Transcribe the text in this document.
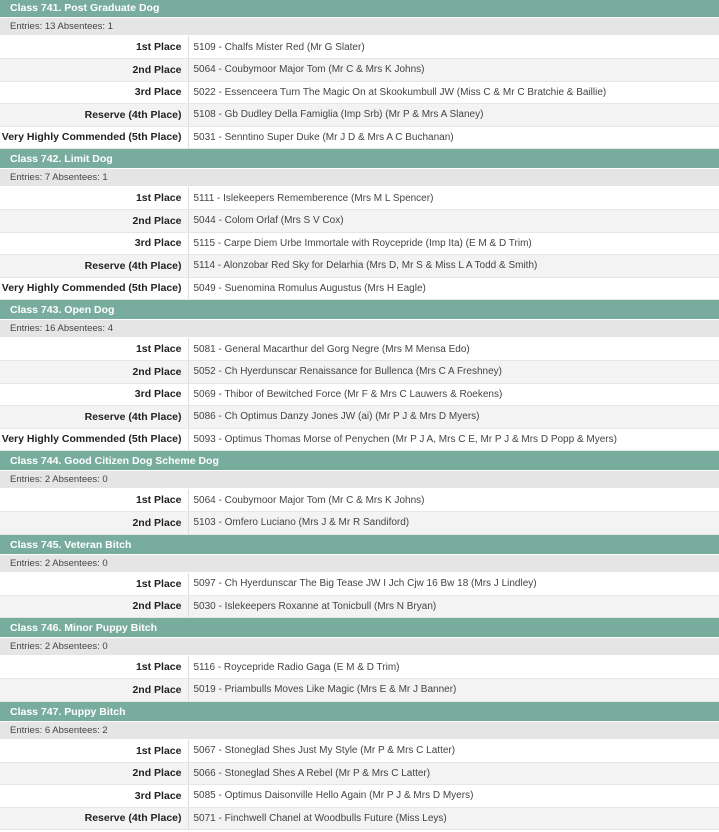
Class 741. Post Graduate Dog
Entries: 13 Absentees: 1
1st Place	5109 - Chalfs Mister Red (Mr G Slater)
2nd Place	5064 - Coubymoor Major Tom (Mr C & Mrs K Johns)
3rd Place	5022 - Essenceera Turn The Magic On at Skookumbull JW (Miss C & Mr C Bratchie & Baillie)
Reserve (4th Place)	5108 - Gb Dudley Della Famiglia (Imp Srb) (Mr P & Mrs A Slaney)
Very Highly Commended (5th Place)	5031 - Senntino Super Duke (Mr J D & Mrs A C Buchanan)
Class 742. Limit Dog
Entries: 7 Absentees: 1
1st Place	5111 - Islekeepers Rememberence (Mrs M L Spencer)
2nd Place	5044 - Colom Orlaf (Mrs S V Cox)
3rd Place	5115 - Carpe Diem Urbe Immortale with Roycepride (Imp Ita) (E M & D Trim)
Reserve (4th Place)	5114 - Alonzobar Red Sky for Delarhia (Mrs D, Mr S & Miss L A Todd & Smith)
Very Highly Commended (5th Place)	5049 - Suenomina Romulus Augustus (Mrs H Eagle)
Class 743. Open Dog
Entries: 16 Absentees: 4
1st Place	5081 - General Macarthur del Gorg Negre (Mrs M Mensa Edo)
2nd Place	5052 - Ch Hyerdunscar Renaissance for Bullenca (Mrs C A Freshney)
3rd Place	5069 - Thibor of Bewitched Force (Mr F & Mrs C Lauwers & Roekens)
Reserve (4th Place)	5086 - Ch Optimus Danzy Jones JW (ai) (Mr P J & Mrs D Myers)
Very Highly Commended (5th Place)	5093 - Optimus Thomas Morse of Penychen (Mr P J A, Mrs C E, Mr P J & Mrs D Popp & Myers)
Class 744. Good Citizen Dog Scheme Dog
Entries: 2 Absentees: 0
1st Place	5064 - Coubymoor Major Tom (Mr C & Mrs K Johns)
2nd Place	5103 - Omfero Luciano (Mrs J & Mr R Sandiford)
Class 745. Veteran Bitch
Entries: 2 Absentees: 0
1st Place	5097 - Ch Hyerdunscar The Big Tease JW I Jch Cjw 16 Bw 18 (Mrs J Lindley)
2nd Place	5030 - Islekeepers Roxanne at Tonicbull (Mrs N Bryan)
Class 746. Minor Puppy Bitch
Entries: 2 Absentees: 0
1st Place	5116 - Roycepride Radio Gaga (E M & D Trim)
2nd Place	5019 - Priambulls Moves Like Magic (Mrs E & Mr J Banner)
Class 747. Puppy Bitch
Entries: 6 Absentees: 2
1st Place	5067 - Stoneglad Shes Just My Style (Mr P & Mrs C Latter)
2nd Place	5066 - Stoneglad Shes A Rebel (Mr P & Mrs C Latter)
3rd Place	5085 - Optimus Daisonville Hello Again (Mr P J & Mrs D Myers)
Reserve (4th Place)	5071 - Finchwell Chanel at Woodbulls Future (Miss Leys)
